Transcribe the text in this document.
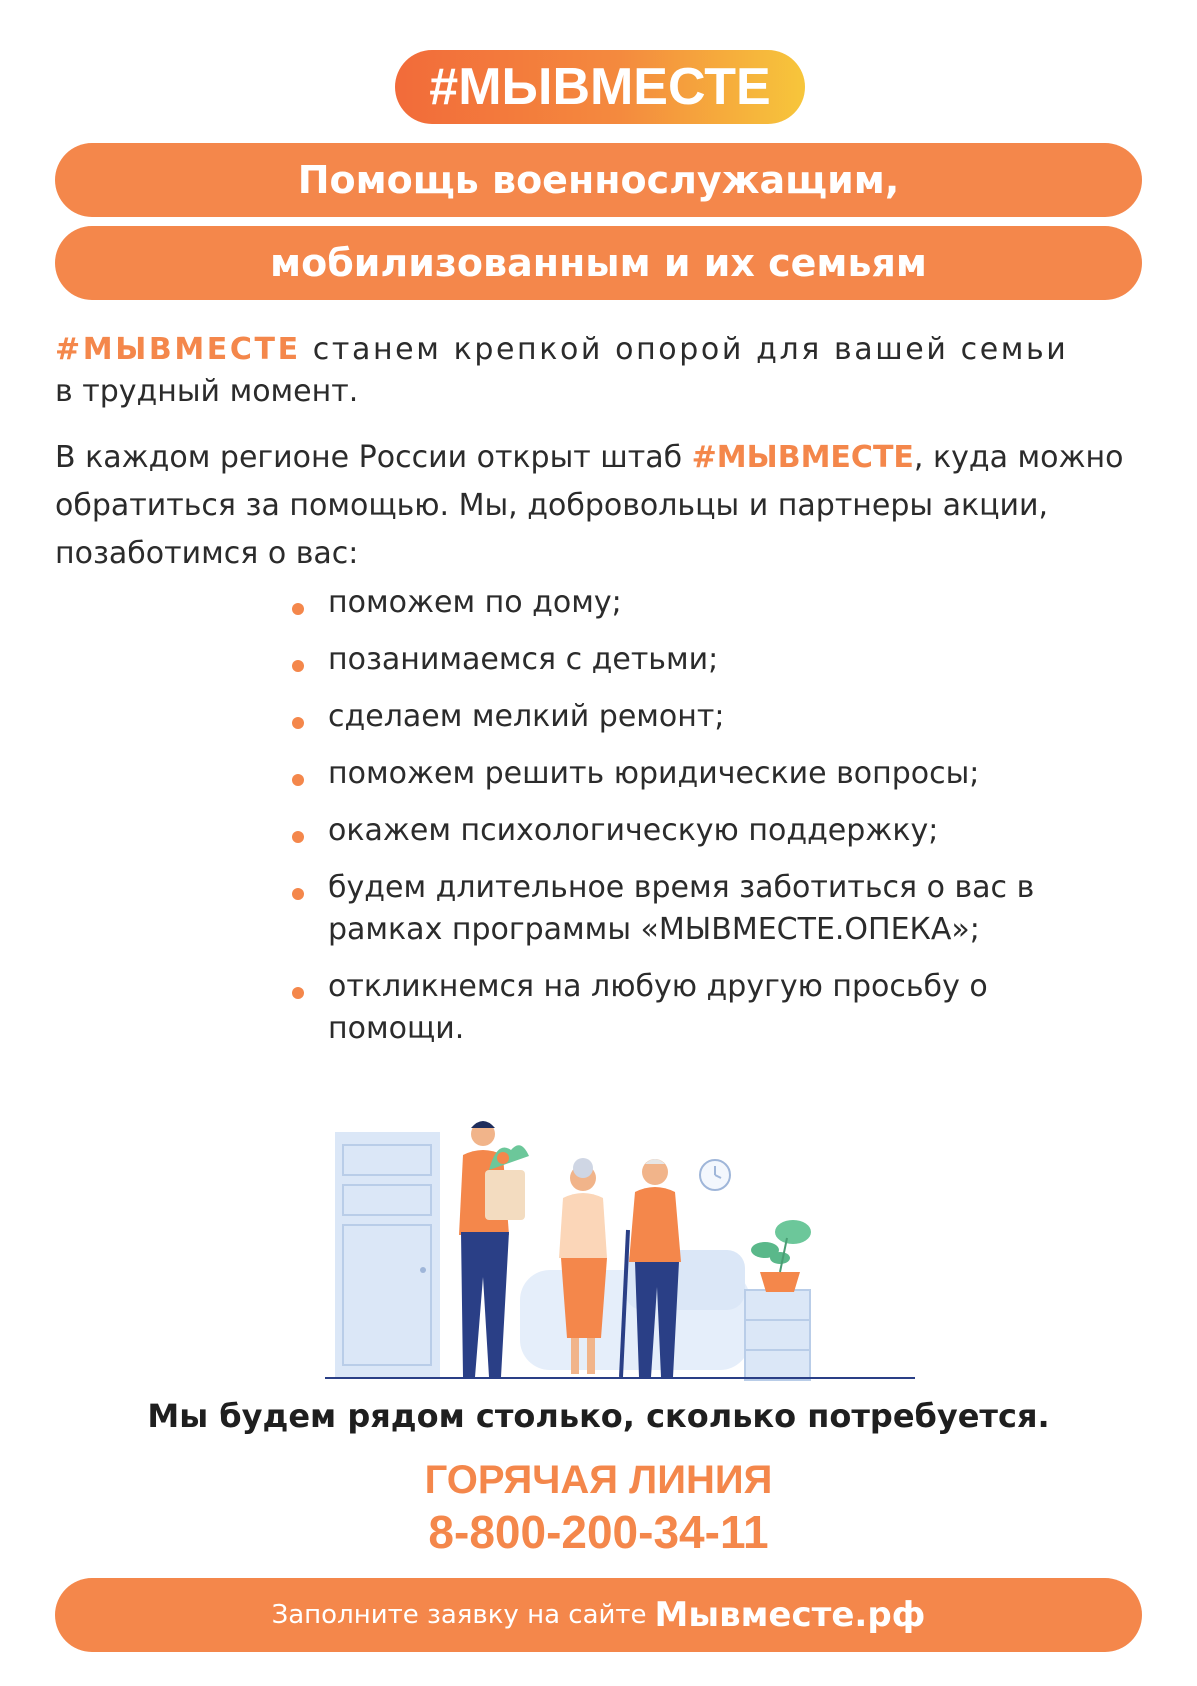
#МЫВМЕСТЕ
Помощь военнослужащим,
мобилизованным и их семьям
#МЫВМЕСТЕ станем крепкой опорой для вашей семьи
в трудный момент.
В каждом регионе России открыт штаб #МЫВМЕСТЕ, куда можно обратиться за помощью. Мы, добровольцы и партнеры акции, позаботимся о вас:
поможем по дому;
позанимаемся с детьми;
сделаем мелкий ремонт;
поможем решить юридические вопросы;
окажем психологическую поддержку;
будем длительное время заботиться о вас в рамках программы «МЫВМЕСТЕ.ОПЕКА»;
откликнемся на любую другую просьбу о помощи.
Мы будем рядом столько, сколько потребуется.
ГОРЯЧАЯ ЛИНИЯ
8-800-200-34-11
Заполните заявку на сайте Мывместе.рф
